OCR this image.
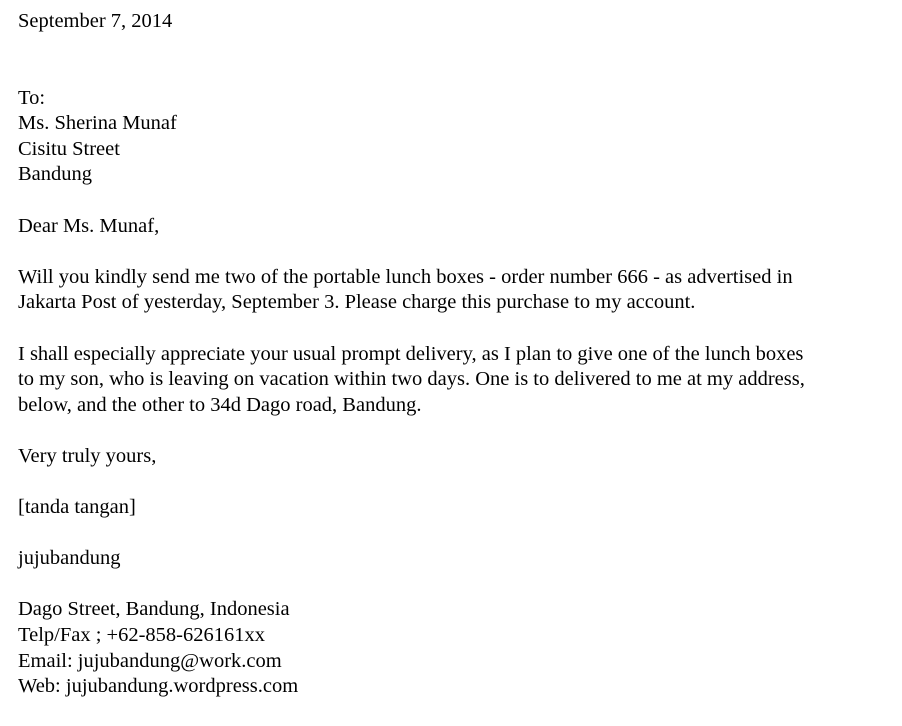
September 7, 2014
To:
Ms. Sherina Munaf
Cisitu Street
Bandung
Dear Ms. Munaf,
Will you kindly send me two of the portable lunch boxes - order number 666 - as advertised in
Jakarta Post of yesterday, September 3. Please charge this purchase to my account.
I shall especially appreciate your usual prompt delivery, as I plan to give one of the lunch boxes
to my son, who is leaving on vacation within two days. One is to delivered to me at my address,
below, and the other to 34d Dago road, Bandung.
Very truly yours,
[tanda tangan]
jujubandung
Dago Street, Bandung, Indonesia
Telp/Fax ; +62-858-626161xx
Email: jujubandung@work.com
Web: jujubandung.wordpress.com
